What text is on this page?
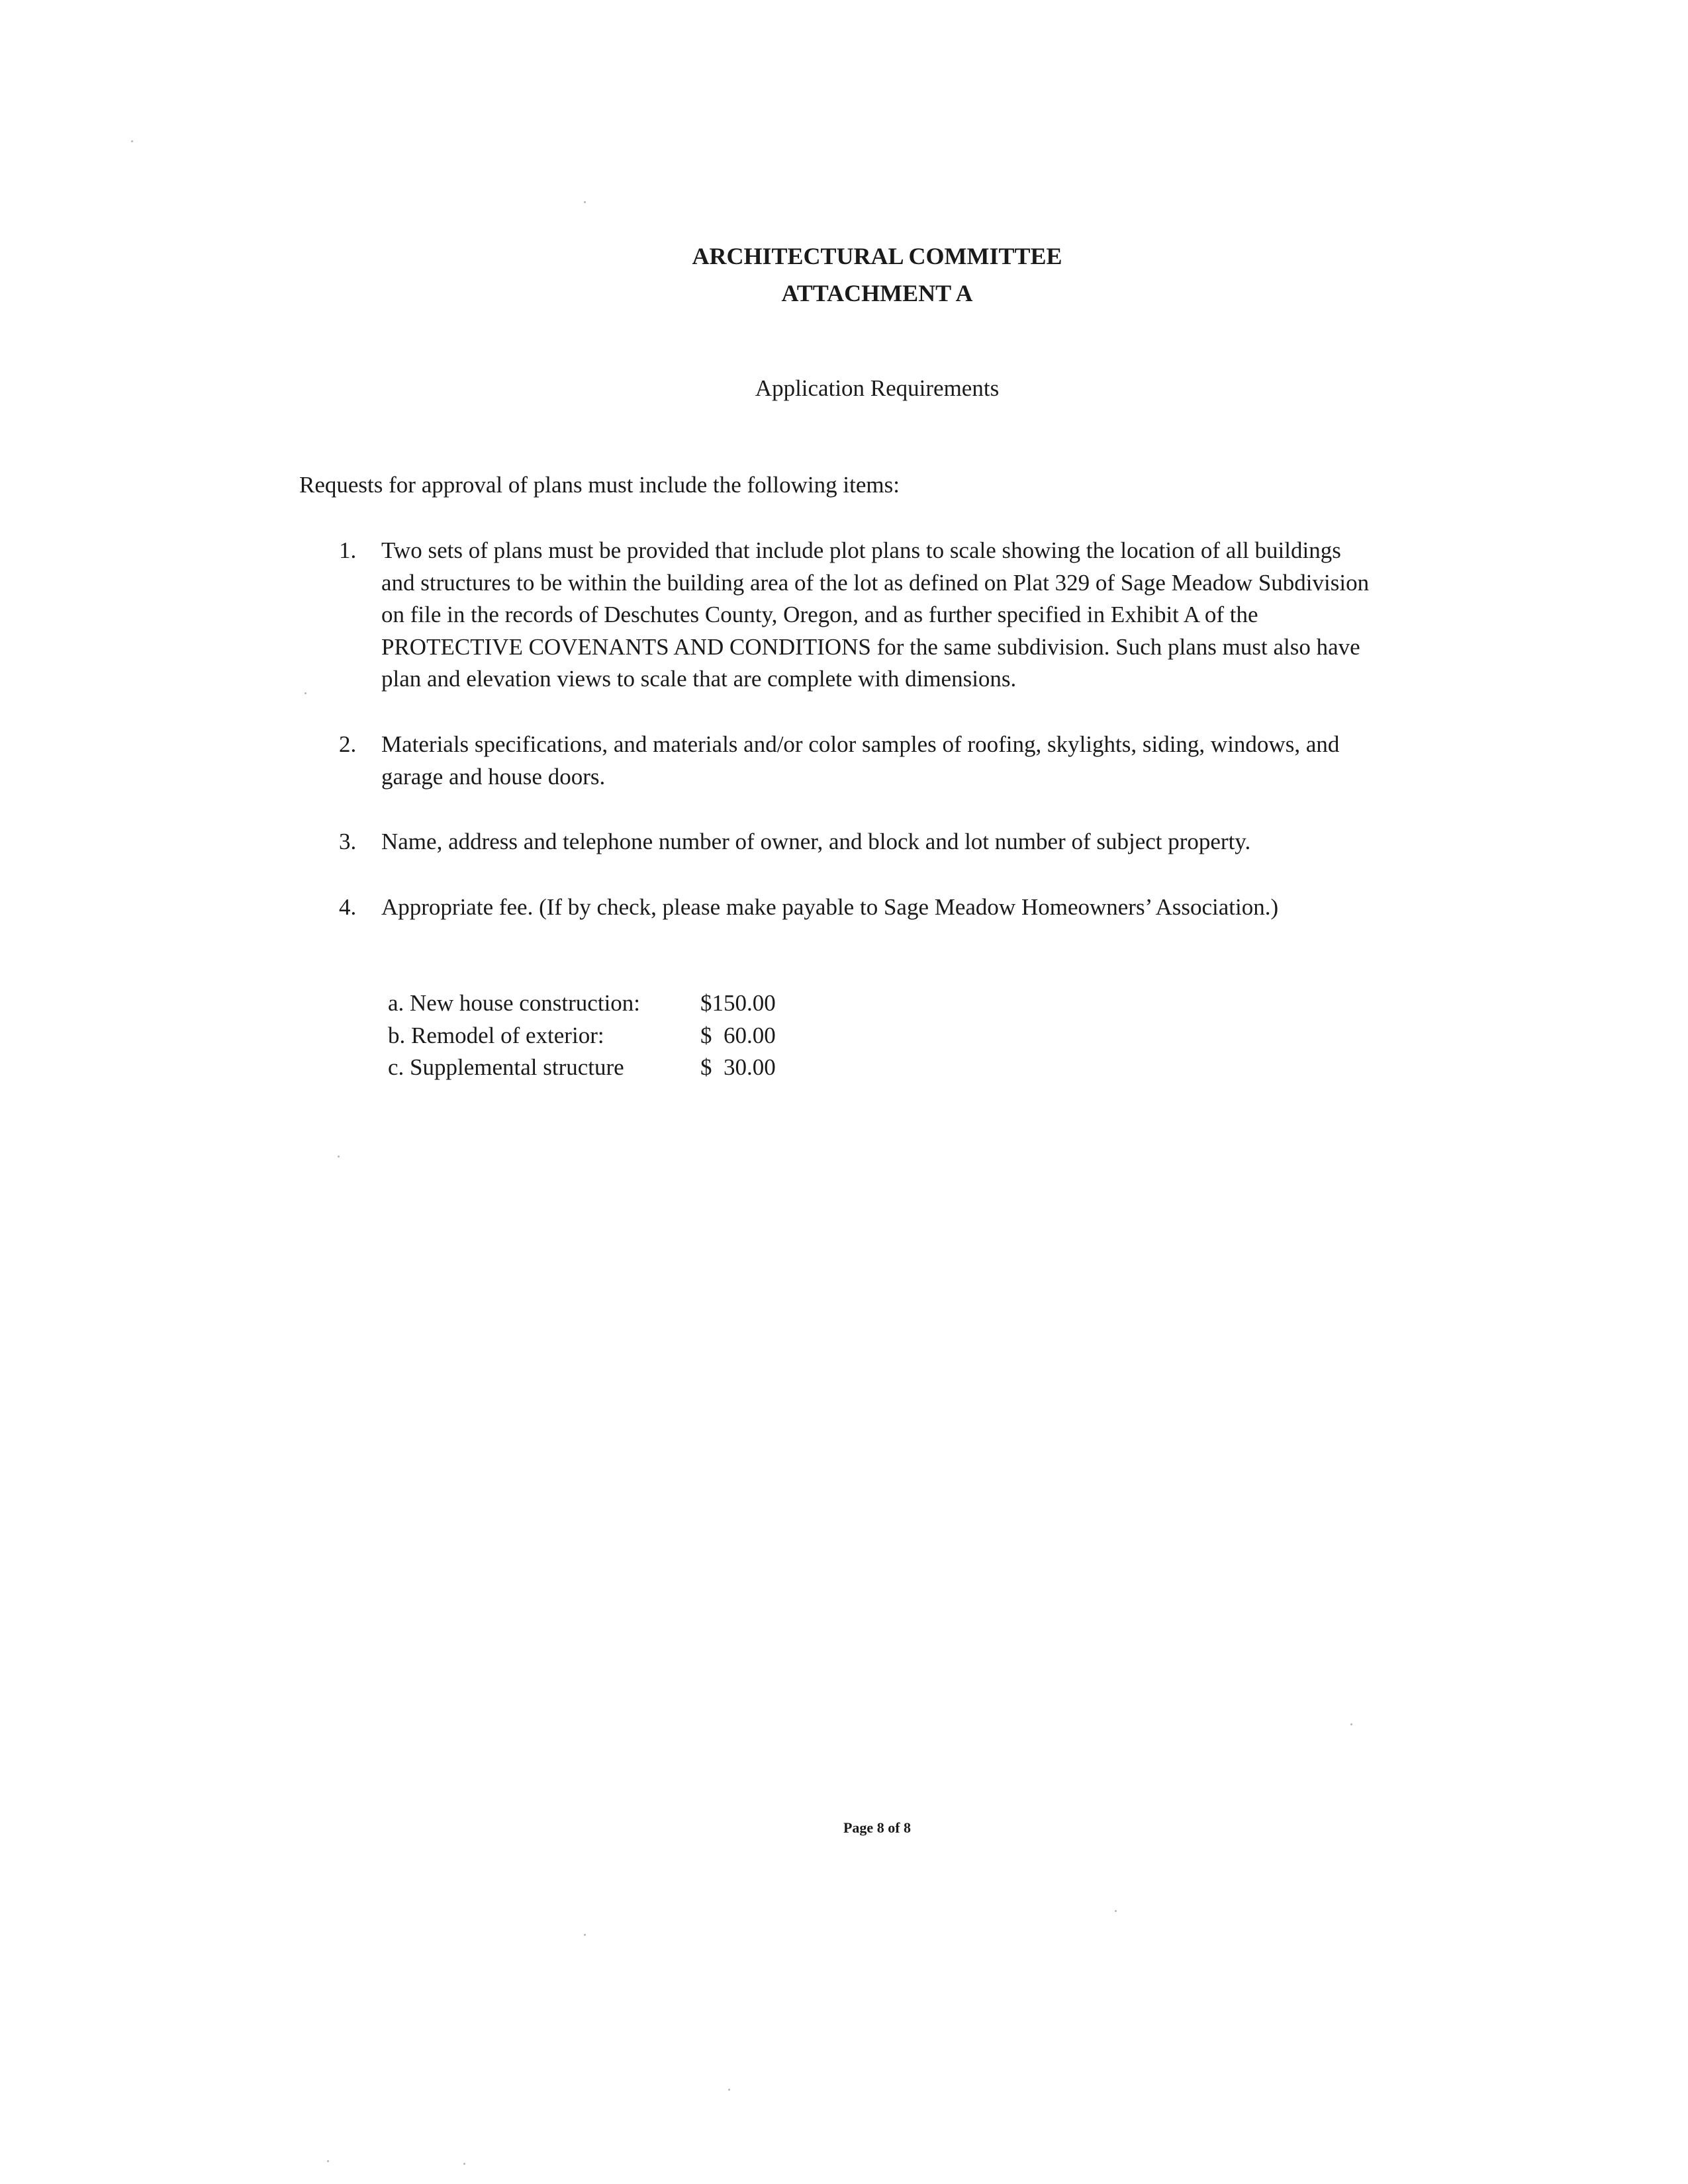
ARCHITECTURAL COMMITTEE
ATTACHMENT A
Application Requirements

Requests for approval of plans must include the following items:

1. Two sets of plans must be provided that include plot plans to scale showing the location of all buildings and structures to be within the building area of the lot as defined on Plat 329 of Sage Meadow Subdivision on file in the records of Deschutes County, Oregon, and as further specified in Exhibit A of the PROTECTIVE COVENANTS AND CONDITIONS for the same subdivision. Such plans must also have plan and elevation views to scale that are complete with dimensions.
2. Materials specifications, and materials and/or color samples of roofing, skylights, siding, windows, and garage and house doors.
3. Name, address and telephone number of owner, and block and lot number of subject property.
4. Appropriate fee. (If by check, please make payable to Sage Meadow Homeowners’ Association.)
a. New house construction:	$150.00
b. Remodel of exterior:	$  60.00
c. Supplemental structure	$  30.00

Page 8 of 8
